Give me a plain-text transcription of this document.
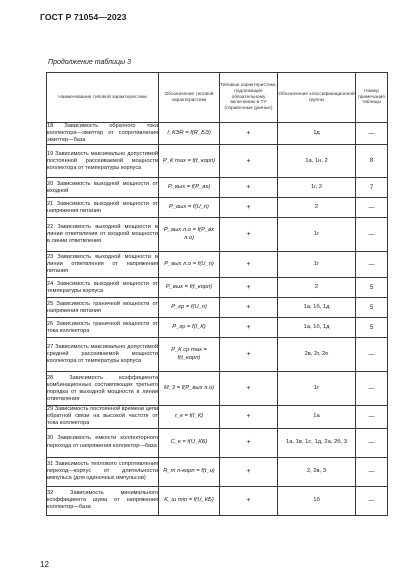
ГОСТ Р 71054—2023
Продолжение таблицы 3
Наименование типовой характеристики	Обозначение типовой характеристики	Типовые характеристики, подлежащие обязательному включению в ТУ (справочные данные)	Обозначение классификационной группы	Номер примечания таблицы
18 Зависимость обратного тока коллектора—эмиттер от сопротивления эмиттер—база	I_КЭR = f(R_БЭ)	+	1д	—
19 Зависимость максимально допустимой постоянной рассеиваемой мощности коллектора от температуры корпуса	P_К max = f(t_корп)	+	1а, 1н, 2	8
20 Зависимость выходной мощности от входной	P_вых = f(P_вх)	+	1г, 2	7
21 Зависимость выходной мощности от напряжения питания	P_вых = f(U_п)	+	2	—
22 Зависимость выходной мощности в линии ответвления от входной мощности в линии ответвления	P_вых л.о = f(P_вх л.о)	+	1г	—
23 Зависимость выходной мощности в линии ответвления от напряжения питания	P_вых л.о = f(U_п)	+	1г	—
24 Зависимость выходной мощности от температуры корпуса	P_вых = f(t_корп)	+	2	5
25 Зависимость граничной мощности от напряжения питания	P_гр = f(U_п)	+	1а, 1б, 1д	5
26 Зависимость граничной мощности от тока коллектора	P_гр = f(I_К)	+	1а, 1б, 1д	5
27 Зависимость максимально допустимой средней рассеиваемой мощности коллектора от температуры корпуса	P_К ср max = f(t_корп)	+	2в, 2г, 2е	—
28 Зависимость коэффициента комбинационных составляющих третьего порядка от выходной мощности в линии ответвления	M_3 = f(P_вых л.о)	+	1г	—
29 Зависимость постоянной времени цепи обратной связи на высокой частоте от тока коллектора	τ_к = f(I_К)	+	1а	—
30 Зависимость емкости коллекторного перехода от напряжения коллектор—база	C_к = f(U_КБ)	+	1а, 1в, 1с, 1д, 2а, 2б, 3	—
31 Зависимость теплового сопротивления переход—корпус от длительности импульса (для одиночных импульсов)	R_т п-корп = f(t_и)	+	2, 2в, 3	—
32 Зависимость минимального коэффициента шума от напряжения коллектор—база	K_ш min = f(U_КБ)	+	1б	—
12
